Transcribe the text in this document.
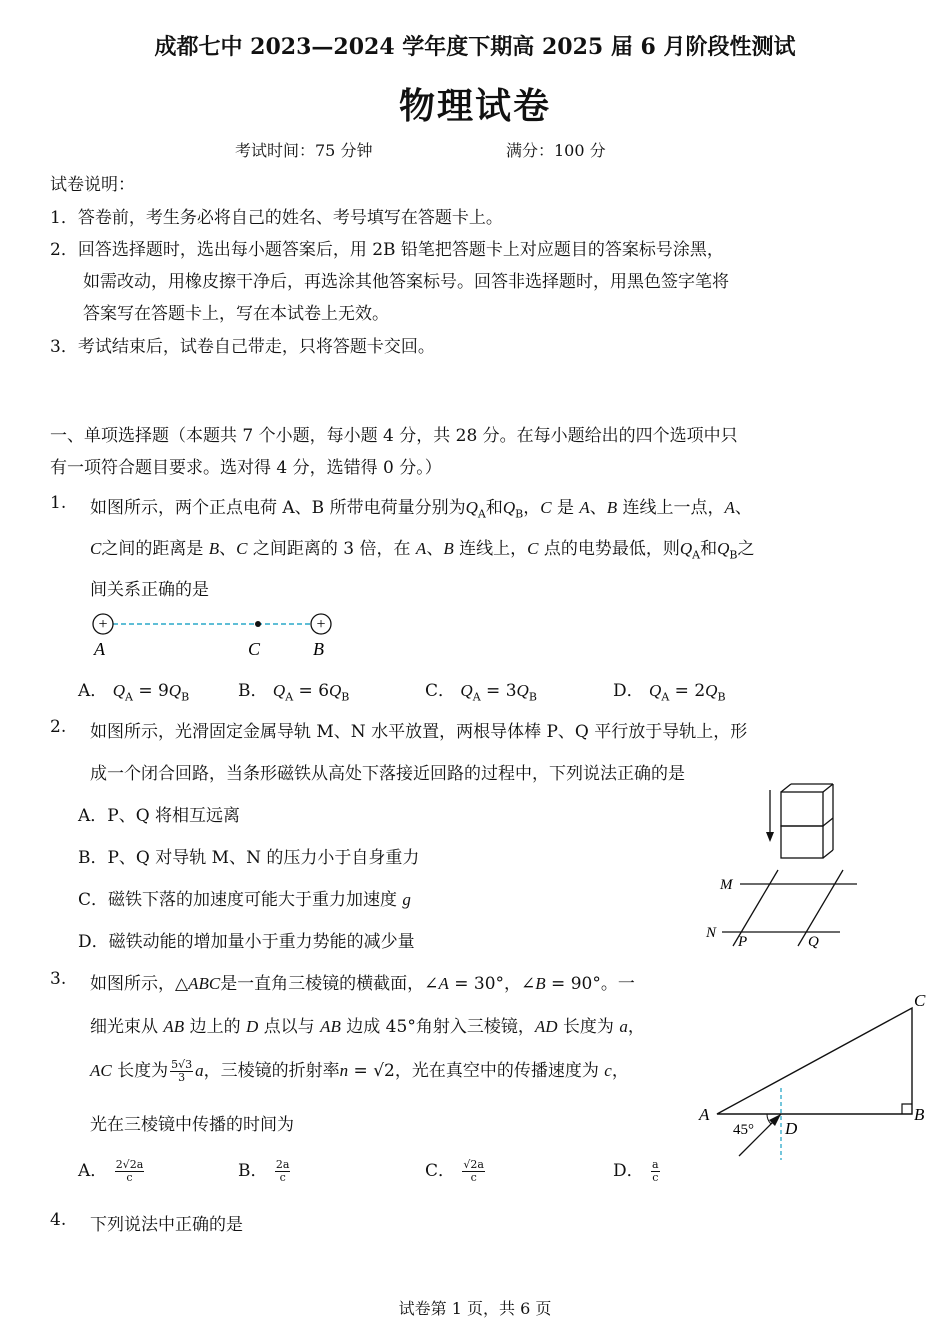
成都七中 2023—2024 学年度下期高 2025 届 6 月阶段性测试
物理试卷
考试时间：75 分钟	满分：100 分
试卷说明：
1．答卷前，考生务必将自己的姓名、考号填写在答题卡上。
2．回答选择题时，选出每小题答案后，用 2B 铅笔把答题卡上对应题目的答案标号涂黑，
如需改动，用橡皮擦干净后，再选涂其他答案标号。回答非选择题时，用黑色签字笔将
答案写在答题卡上，写在本试卷上无效。
3．考试结束后，试卷自己带走，只将答题卡交回。
一、单项选择题（本题共 7 个小题，每小题 4 分，共 28 分。在每小题给出的四个选项中只
有一项符合题目要求。选对得 4 分，选错得 0 分。）
1. 如图所示，两个正点电荷 A、B 所带电荷量分别为$Q_A$和$Q_B$，C 是 A、B 连线上一点，A、
C之间的距离是 B、C 之间距离的 3 倍，在 A、B 连线上，C 点的电势最低，则$Q_A$和$Q_B$之
间关系正确的是
+	+
A	C	B
A． $Q_A = 9Q_B$	B． $Q_A = 6Q_B$	C． $Q_A = 3Q_B$	D． $Q_A = 2Q_B$
2. 如图所示，光滑固定金属导轨 M、N 水平放置，两根导体棒 P、Q 平行放于导轨上，形
成一个闭合回路，当条形磁铁从高处下落接近回路的过程中，下列说法正确的是
A．P、Q 将相互远离
B．P、Q 对导轨 M、N 的压力小于自身重力
C．磁铁下落的加速度可能大于重力加速度 g
D．磁铁动能的增加量小于重力势能的减少量
M
N
P	Q
3. 如图所示，△ABC是一直角三棱镜的横截面，∠A = 30°，∠B = 90°。一
细光束从 AB 边上的 D 点以与 AB 边成 45°角射入三棱镜，AD 长度为 a，
AC 长度为 $\frac{5√3}{3}$ a，三棱镜的折射率n = √2，光在真空中的传播速度为 c，
光在三棱镜中传播的时间为
A． $\frac{2√2a}{c}$	B． $\frac{2a}{c}$	C． $\frac{√2a}{c}$	D． $\frac{a}{c}$
A	B
C
D
45°
4. 下列说法中正确的是
试卷第 1 页，共 6 页
